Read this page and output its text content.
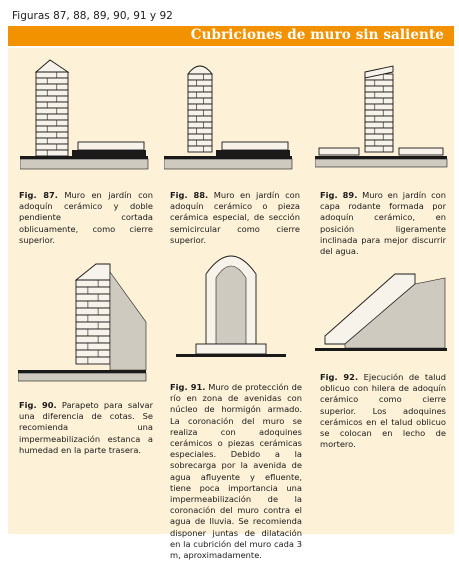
Figuras 87, 88, 89, 90, 91 y 92
Cubriciones de muro sin saliente
Fig. 87. Muro en jardín con adoquín cerámico y doble pendiente cortada oblicuamente, como cierre superior.
Fig. 88. Muro en jardín con adoquín cerámico o pieza cerámica especial, de sección semicircular como cierre superior.
Fig. 89. Muro en jardín con capa rodante formada por adoquín cerámico, en posición ligeramente inclinada para mejor discurrir del agua.
Fig. 90. Parapeto para salvar una diferencia de cotas. Se recomienda una impermeabilización estanca a humedad en la parte trasera.
Fig. 91. Muro de protección de río en zona de avenidas con núcleo de hormigón armado. La coronación del muro se realiza con adoquines cerámicos o piezas cerámicas especiales. Debido a la sobrecarga por la avenida de agua afluyente y efluente, tiene poca importancia una impermeabilización de la coronación del muro contra el agua de lluvia. Se recomienda disponer juntas de dilatación en la cubrición del muro cada 3 m, aproximadamente.
Fig. 92. Ejecución de talud oblicuo con hilera de adoquín cerámico como cierre superior. Los adoquines cerámicos en el talud oblicuo se colocan en lecho de mortero.
